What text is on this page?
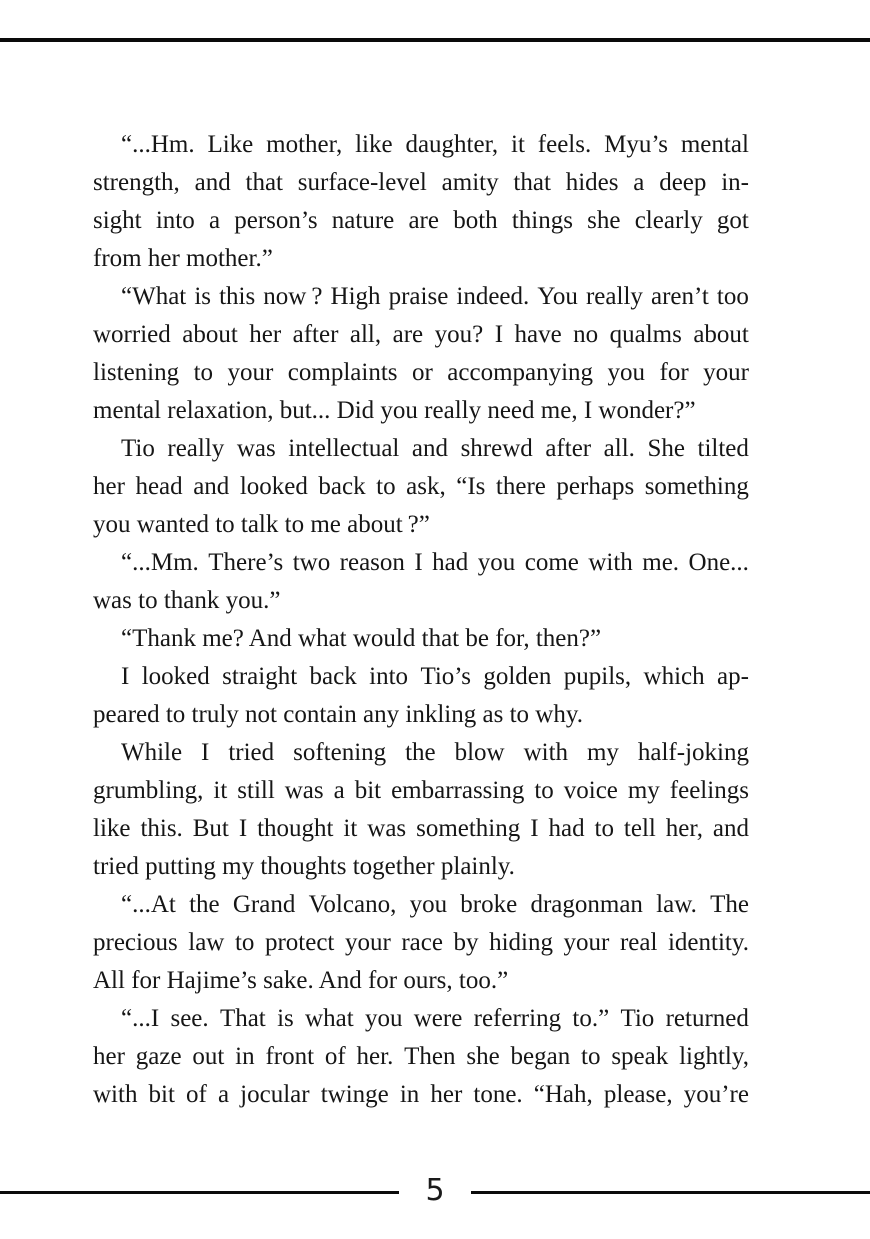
“...Hm. Like mother, like daughter, it feels. Myu’s mental
strength, and that surface-level amity that hides a deep in-
sight into a person’s nature are both things she clearly got
from her mother.”
“What is this now ? High praise indeed. You really aren’t too
worried about her after all, are you? I have no qualms about
listening to your complaints or accompanying you for your
mental relaxation, but... Did you really need me, I wonder?”
Tio really was intellectual and shrewd after all. She tilted
her head and looked back to ask, “Is there perhaps something
you wanted to talk to me about ?”
“...Mm. There’s two reason I had you come with me. One...
was to thank you.”
“Thank me? And what would that be for, then?”
I looked straight back into Tio’s golden pupils, which ap-
peared to truly not contain any inkling as to why.
While I tried softening the blow with my half-joking
grumbling, it still was a bit embarrassing to voice my feelings
like this. But I thought it was something I had to tell her, and
tried putting my thoughts together plainly.
“...At the Grand Volcano, you broke dragonman law. The
precious law to protect your race by hiding your real identity.
All for Hajime’s sake. And for ours, too.”
“...I see. That is what you were referring to.” Tio returned
her gaze out in front of her. Then she began to speak lightly,
with bit of a jocular twinge in her tone. “Hah, please, you’re
5
